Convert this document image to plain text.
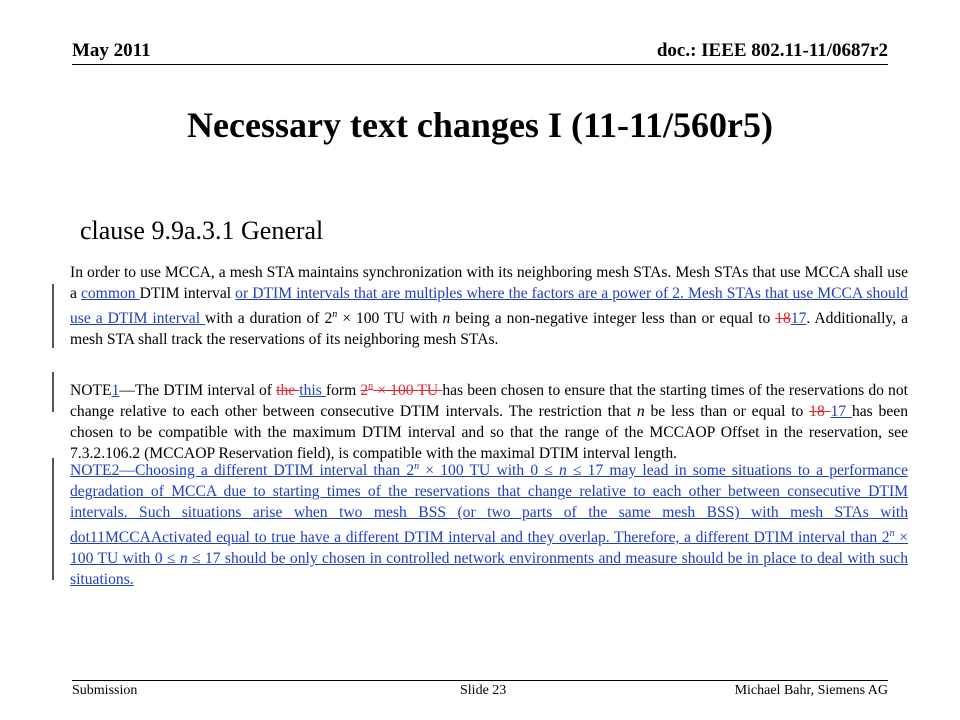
May 2011	doc.: IEEE 802.11-11/0687r2
Necessary text changes I (11-11/560r5)
clause 9.9a.3.1 General

In order to use MCCA, a mesh STA maintains synchronization with its neighboring mesh STAs. Mesh STAs that use MCCA shall use a common DTIM interval or DTIM intervals that are multiples where the factors are a power of 2. Mesh STAs that use MCCA should use a DTIM interval with a duration of $2^n \times 100$ TU with n being a non-negative integer less than or equal to 1817. Additionally, a mesh STA shall track the reservations of its neighboring mesh STAs.

NOTE1—The DTIM interval of the this form $2^n \times 100$ TU has been chosen to ensure that the starting times of the reservations do not change relative to each other between consecutive DTIM intervals. The restriction that n be less than or equal to 18 17 has been chosen to be compatible with the maximum DTIM interval and so that the range of the MCCAOP Offset in the reservation, see 7.3.2.106.2 (MCCAOP Reservation field), is compatible with the maximal DTIM interval length.

NOTE2—Choosing a different DTIM interval than $2^n \times 100$ TU with 0 ≤ n ≤ 17 may lead in some situations to a performance degradation of MCCA due to starting times of the reservations that change relative to each other between consecutive DTIM intervals. Such situations arise when two mesh BSS (or two parts of the same mesh BSS) with mesh STAs with dot11MCCAActivated equal to true have a different DTIM interval and they overlap. Therefore, a different DTIM interval than $2^n \times 100$ TU with 0 ≤ n ≤ 17 should be only chosen in controlled network environments and measure should be in place to deal with such situations.

Submission	Slide 23	Michael Bahr, Siemens AG
